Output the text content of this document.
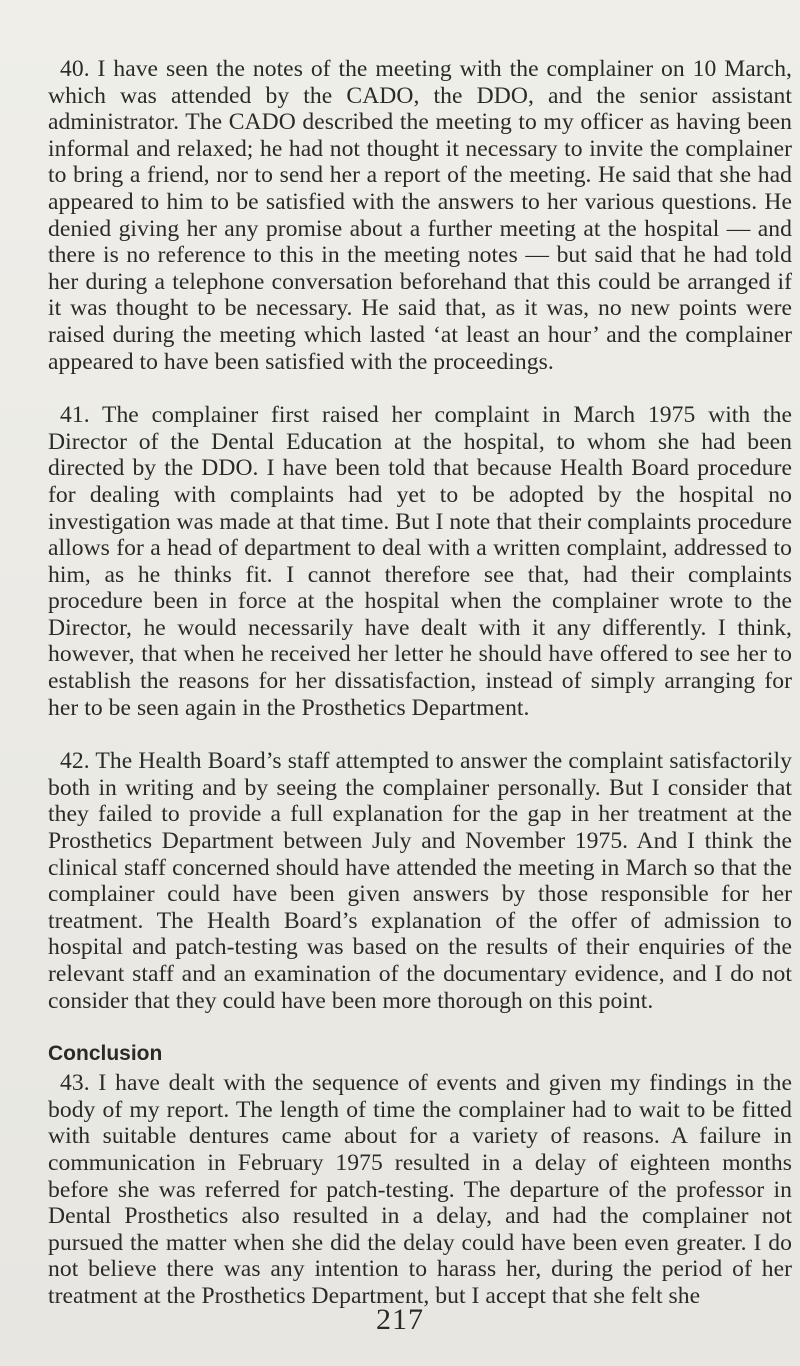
40. I have seen the notes of the meeting with the complainer on 10 March, which was attended by the CADO, the DDO, and the senior assistant administrator. The CADO described the meeting to my officer as having been informal and relaxed; he had not thought it necessary to invite the complainer to bring a friend, nor to send her a report of the meeting. He said that she had appeared to him to be satisfied with the answers to her various questions. He denied giving her any promise about a further meeting at the hospital — and there is no reference to this in the meeting notes — but said that he had told her during a telephone conversation beforehand that this could be arranged if it was thought to be necessary. He said that, as it was, no new points were raised during the meeting which lasted ‘at least an hour’ and the complainer appeared to have been satisfied with the proceedings.

41. The complainer first raised her complaint in March 1975 with the Director of the Dental Education at the hospital, to whom she had been directed by the DDO. I have been told that because Health Board procedure for dealing with complaints had yet to be adopted by the hospital no investigation was made at that time. But I note that their complaints procedure allows for a head of department to deal with a written complaint, addressed to him, as he thinks fit. I cannot therefore see that, had their complaints procedure been in force at the hospital when the complainer wrote to the Director, he would necessarily have dealt with it any differently. I think, however, that when he received her letter he should have offered to see her to establish the reasons for her dissatisfaction, instead of simply arranging for her to be seen again in the Prosthetics Department.

42. The Health Board’s staff attempted to answer the complaint satisfactorily both in writing and by seeing the complainer personally. But I consider that they failed to provide a full explanation for the gap in her treatment at the Prosthetics Department between July and November 1975. And I think the clinical staff concerned should have attended the meeting in March so that the complainer could have been given answers by those responsible for her treatment. The Health Board’s explanation of the offer of admission to hospital and patch-testing was based on the results of their enquiries of the relevant staff and an examination of the documentary evidence, and I do not consider that they could have been more thorough on this point.

Conclusion

43. I have dealt with the sequence of events and given my findings in the body of my report. The length of time the complainer had to wait to be fitted with suitable dentures came about for a variety of reasons. A failure in communication in February 1975 resulted in a delay of eighteen months before she was referred for patch-testing. The departure of the professor in Dental Prosthetics also resulted in a delay, and had the complainer not pursued the matter when she did the delay could have been even greater. I do not believe there was any intention to harass her, during the period of her treatment at the Prosthetics Department, but I accept that she felt she

217
